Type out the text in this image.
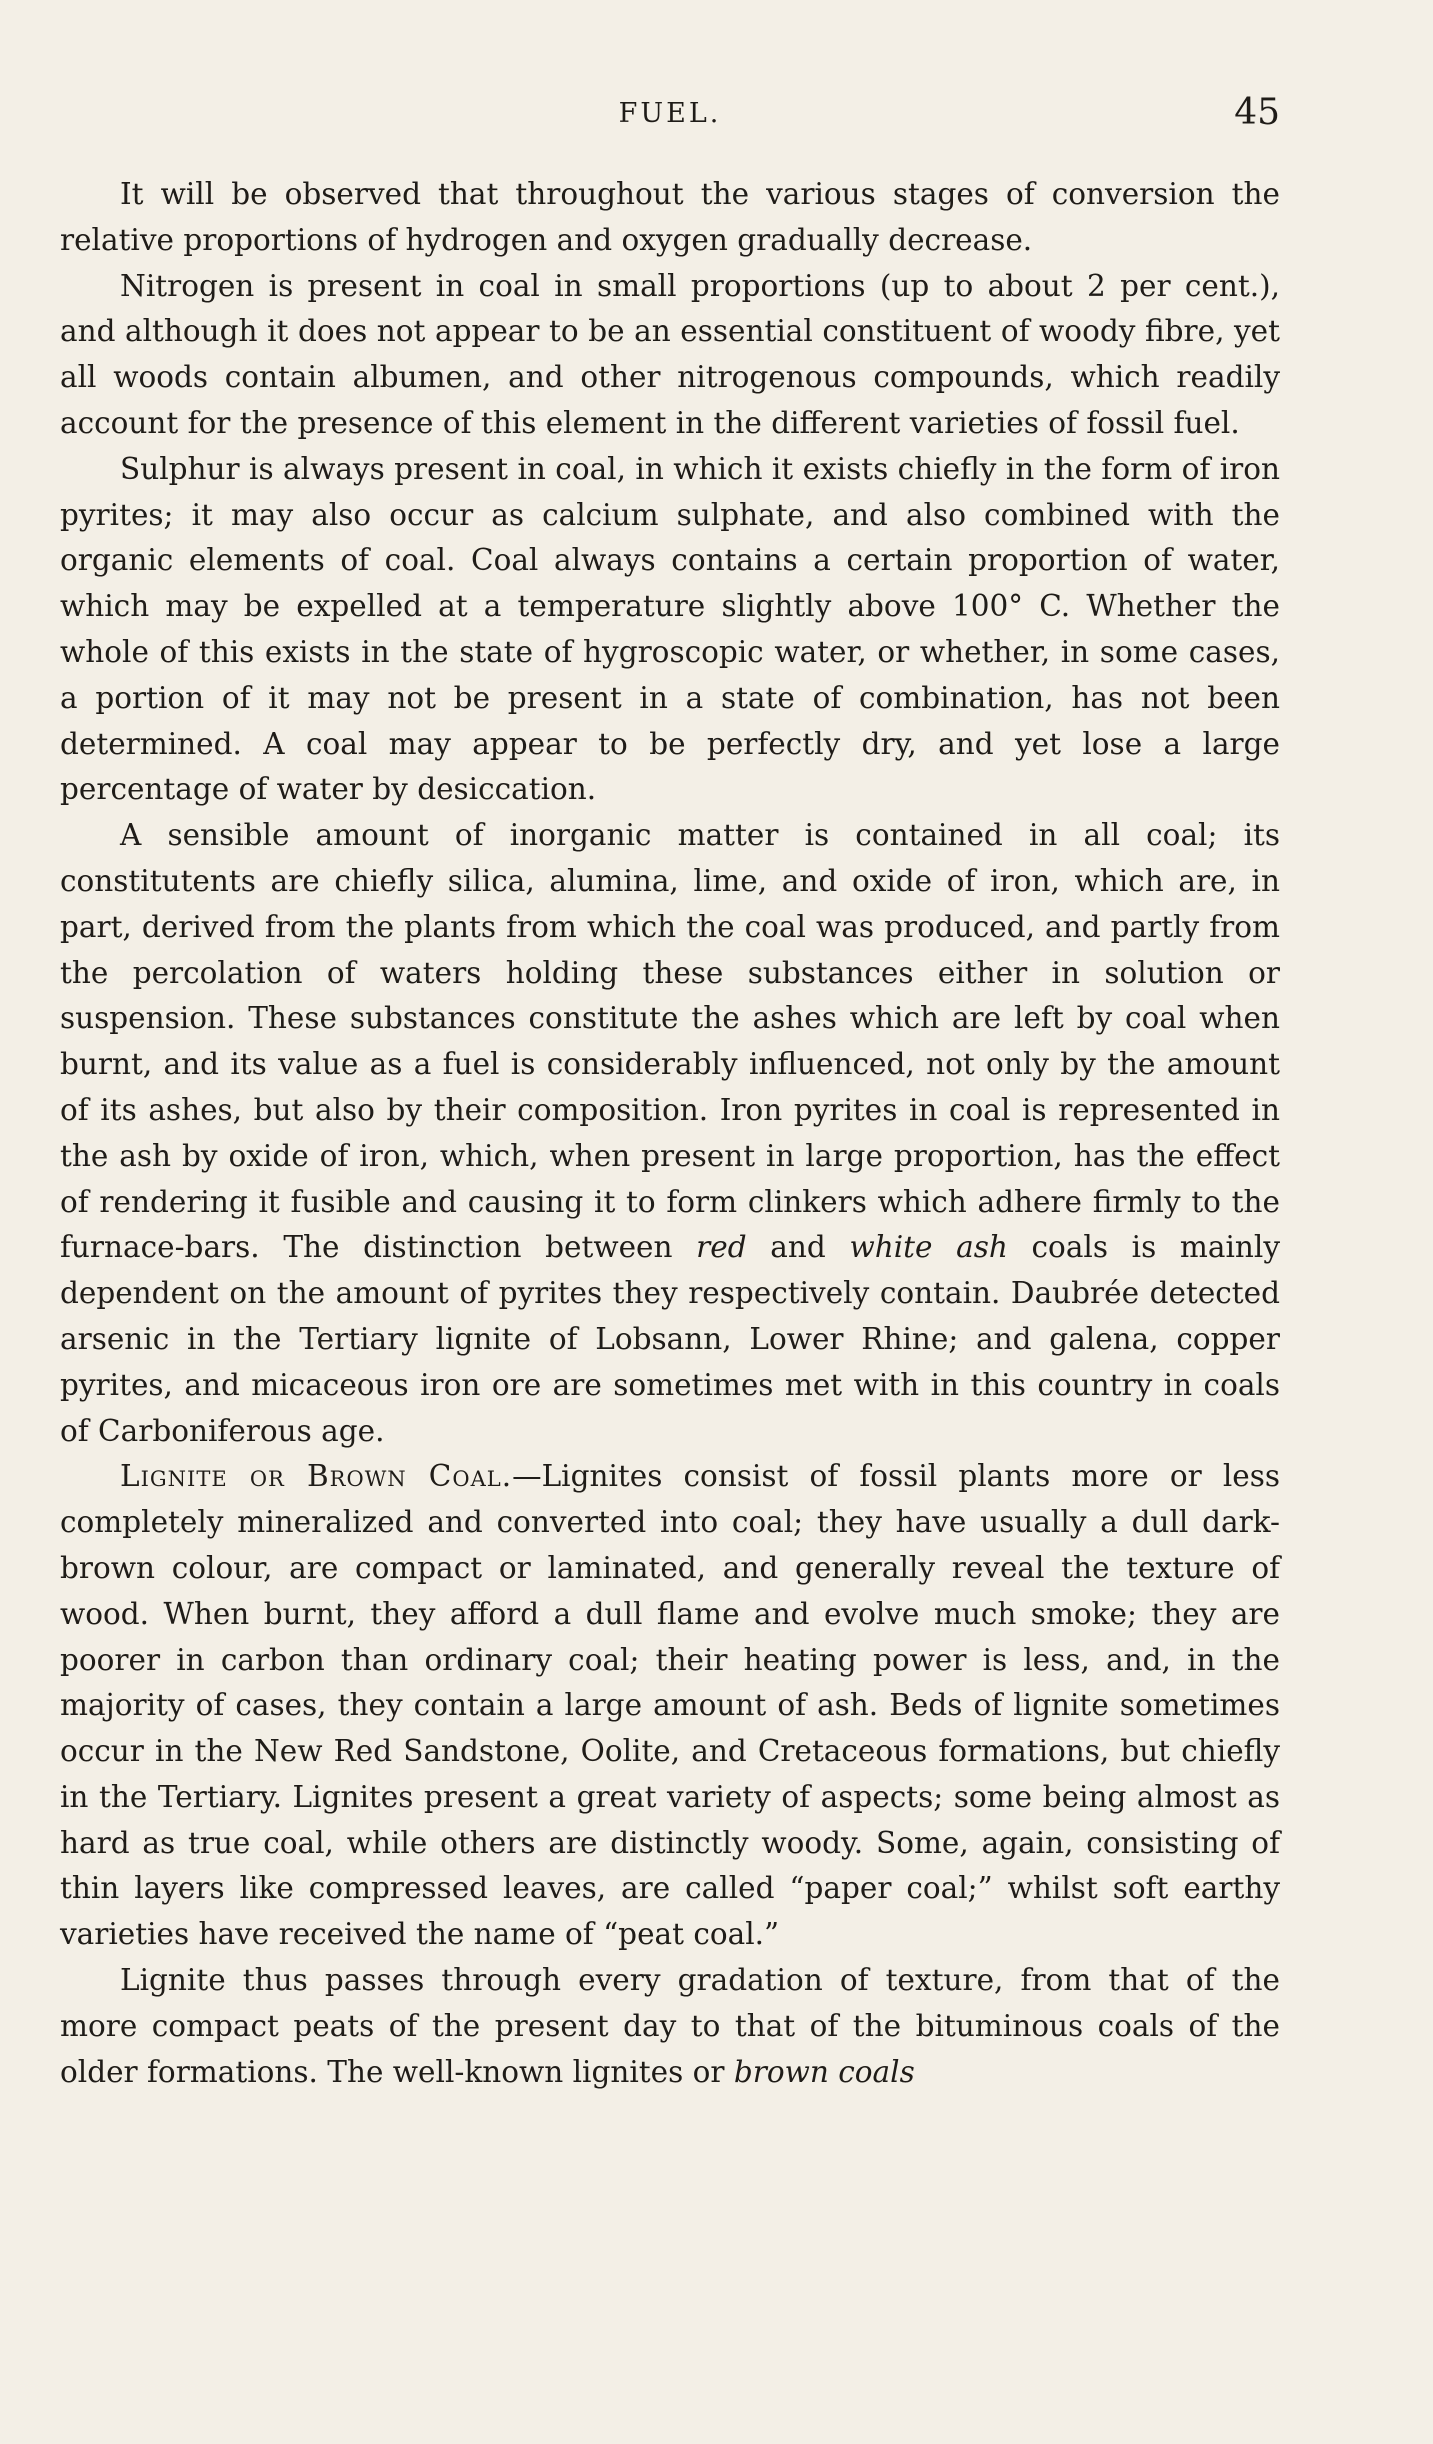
FUEL.	45

It will be observed that throughout the various stages of conversion the relative proportions of hydrogen and oxygen gradually decrease.

Nitrogen is present in coal in small proportions (up to about 2 per cent.), and although it does not appear to be an essential constituent of woody fibre, yet all woods contain albumen, and other nitrogenous compounds, which readily account for the presence of this element in the different varieties of fossil fuel.

Sulphur is always present in coal, in which it exists chiefly in the form of iron pyrites; it may also occur as calcium sulphate, and also combined with the organic elements of coal. Coal always contains a certain proportion of water, which may be expelled at a temperature slightly above 100° C. Whether the whole of this exists in the state of hygroscopic water, or whether, in some cases, a portion of it may not be present in a state of combination, has not been determined. A coal may appear to be perfectly dry, and yet lose a large percentage of water by desiccation.

A sensible amount of inorganic matter is contained in all coal; its constitutents are chiefly silica, alumina, lime, and oxide of iron, which are, in part, derived from the plants from which the coal was produced, and partly from the percolation of waters holding these substances either in solution or suspension. These substances constitute the ashes which are left by coal when burnt, and its value as a fuel is considerably influenced, not only by the amount of its ashes, but also by their composition. Iron pyrites in coal is represented in the ash by oxide of iron, which, when present in large proportion, has the effect of rendering it fusible and causing it to form clinkers which adhere firmly to the furnace-bars. The distinction between red and white ash coals is mainly dependent on the amount of pyrites they respectively contain. Daubrée detected arsenic in the Tertiary lignite of Lobsann, Lower Rhine; and galena, copper pyrites, and micaceous iron ore are sometimes met with in this country in coals of Carboniferous age.

Lignite or Brown Coal.—Lignites consist of fossil plants more or less completely mineralized and converted into coal; they have usually a dull dark-brown colour, are compact or laminated, and generally reveal the texture of wood. When burnt, they afford a dull flame and evolve much smoke; they are poorer in carbon than ordinary coal; their heating power is less, and, in the majority of cases, they contain a large amount of ash. Beds of lignite sometimes occur in the New Red Sandstone, Oolite, and Cretaceous formations, but chiefly in the Tertiary. Lignites present a great variety of aspects; some being almost as hard as true coal, while others are distinctly woody. Some, again, consisting of thin layers like compressed leaves, are called “paper coal;” whilst soft earthy varieties have received the name of “peat coal.”

Lignite thus passes through every gradation of texture, from that of the more compact peats of the present day to that of the bituminous coals of the older formations. The well-known lignites or brown coals
